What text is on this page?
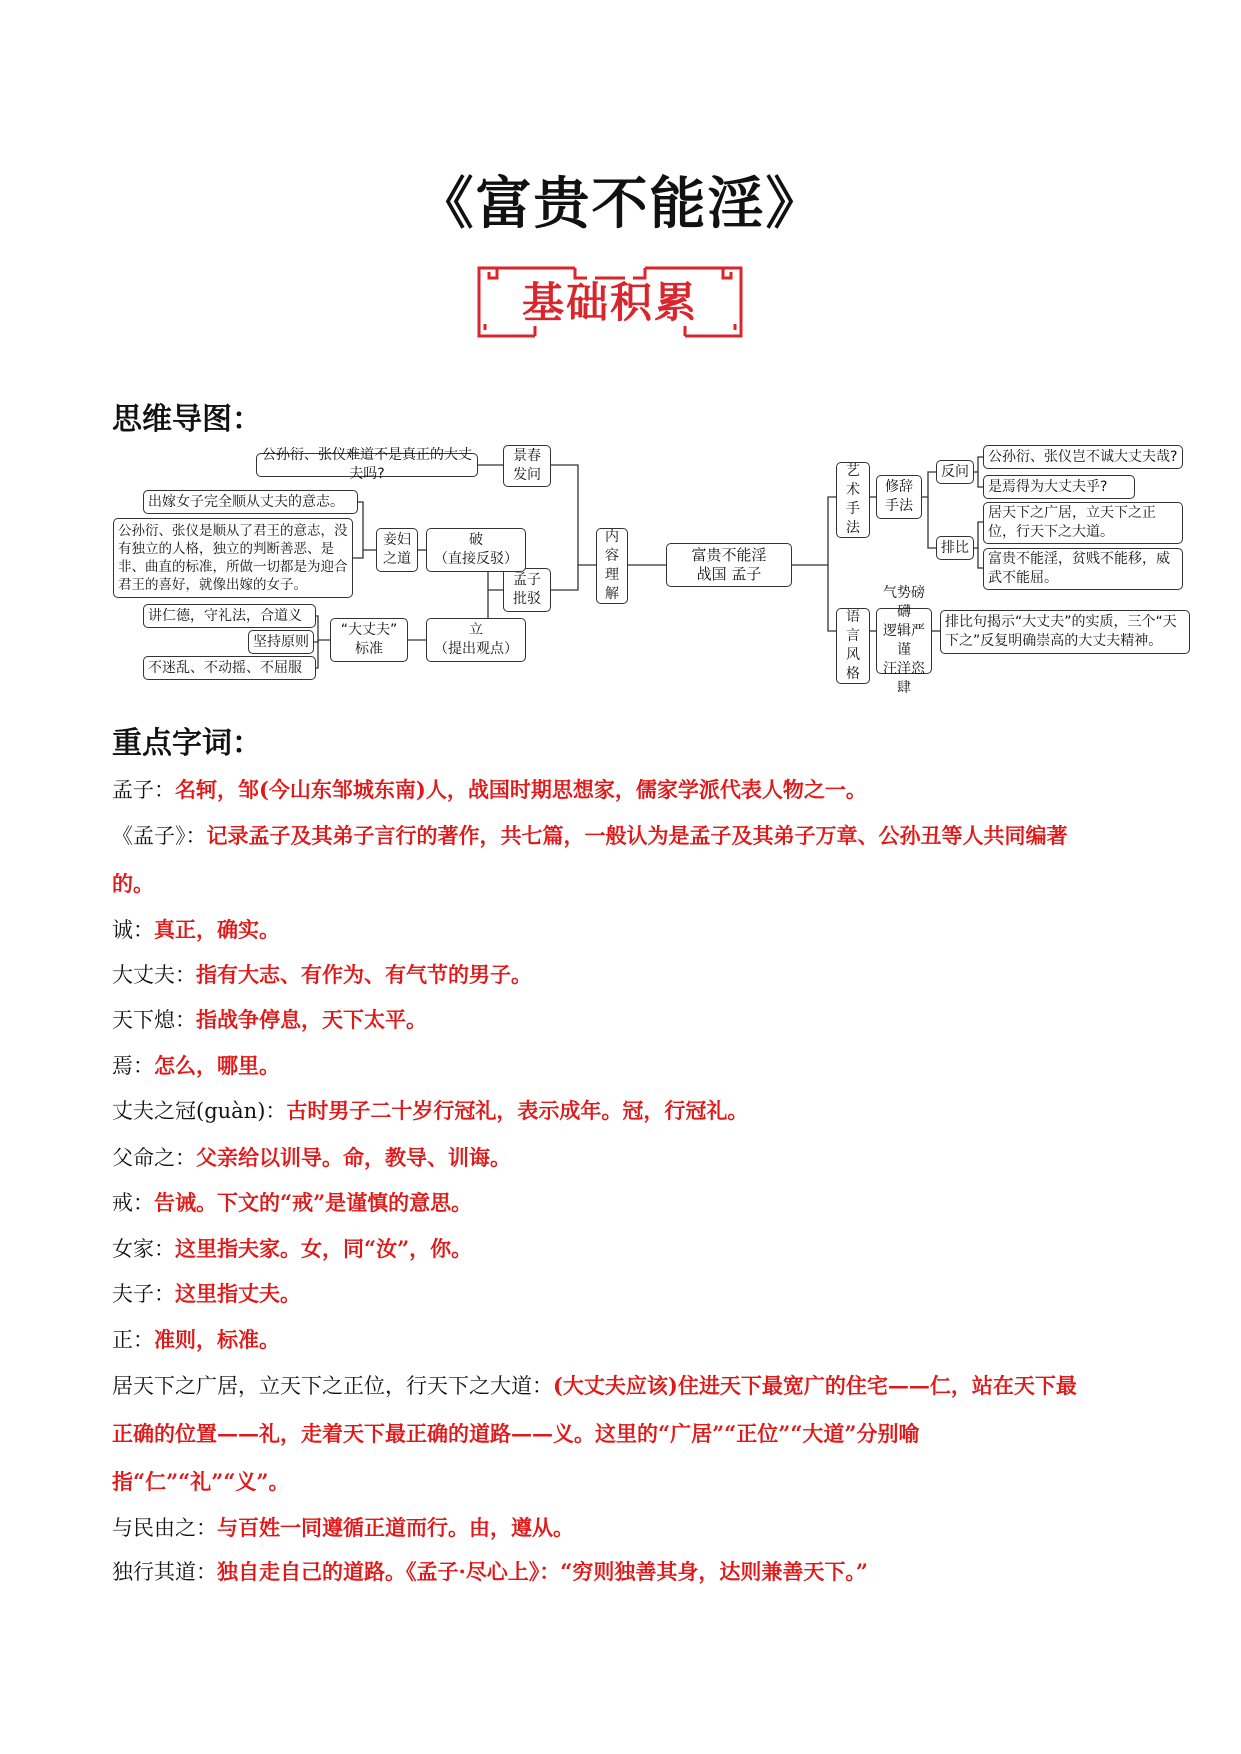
《富贵不能淫》
基础积累
思维导图：
富贵不能淫
战国 孟子
内
容
理
解
景春
发问
公孙衍、张仪难道不是真正的大丈夫吗?
孟子
批驳
妾妇
之道
破
（直接反驳）
出嫁女子完全顺从丈夫的意志。
公孙衍、张仪是顺从了君王的意志，没有独立的人格，独立的判断善恶、是非、曲直的标准，所做一切都是为迎合君王的喜好，就像出嫁的女子。
“大丈夫”
标准
立
（提出观点）
讲仁德，守礼法，合道义
坚持原则
不迷乱、不动摇、不屈服
艺
术
手
法
修辞
手法
反问
公孙衍、张仪岂不诚大丈夫哉?
是焉得为大丈夫乎?
排比
居天下之广居，立天下之正位，行天下之大道。
富贵不能淫，贫贱不能移，威武不能屈。
语
言
风
格
气势磅礴
逻辑严谨
汪洋恣肆
排比句揭示“大丈夫”的实质，三个“天下之”反复明确崇高的大丈夫精神。
重点字词：
孟子：名轲，邹(今山东邹城东南)人，战国时期思想家，儒家学派代表人物之一。
《孟子》：记录孟子及其弟子言行的著作，共七篇，一般认为是孟子及其弟子万章、公孙丑等人共同编著
的。
诚：真正，确实。
大丈夫：指有大志、有作为、有气节的男子。
天下熄：指战争停息，天下太平。
焉：怎么，哪里。
丈夫之冠(guàn)：古时男子二十岁行冠礼，表示成年。冠，行冠礼。
父命之：父亲给以训导。命，教导、训诲。
戒：告诫。下文的“戒”是谨慎的意思。
女家：这里指夫家。女，同“汝”，你。
夫子：这里指丈夫。
正：准则，标准。
居天下之广居，立天下之正位，行天下之大道：(大丈夫应该)住进天下最宽广的住宅——仁，站在天下最
正确的位置——礼，走着天下最正确的道路——义。这里的“广居”“正位”“大道”分别喻
指“仁”“礼”“义”。
与民由之：与百姓一同遵循正道而行。由，遵从。
独行其道：独自走自己的道路。《孟子·尽心上》：“穷则独善其身，达则兼善天下。”
